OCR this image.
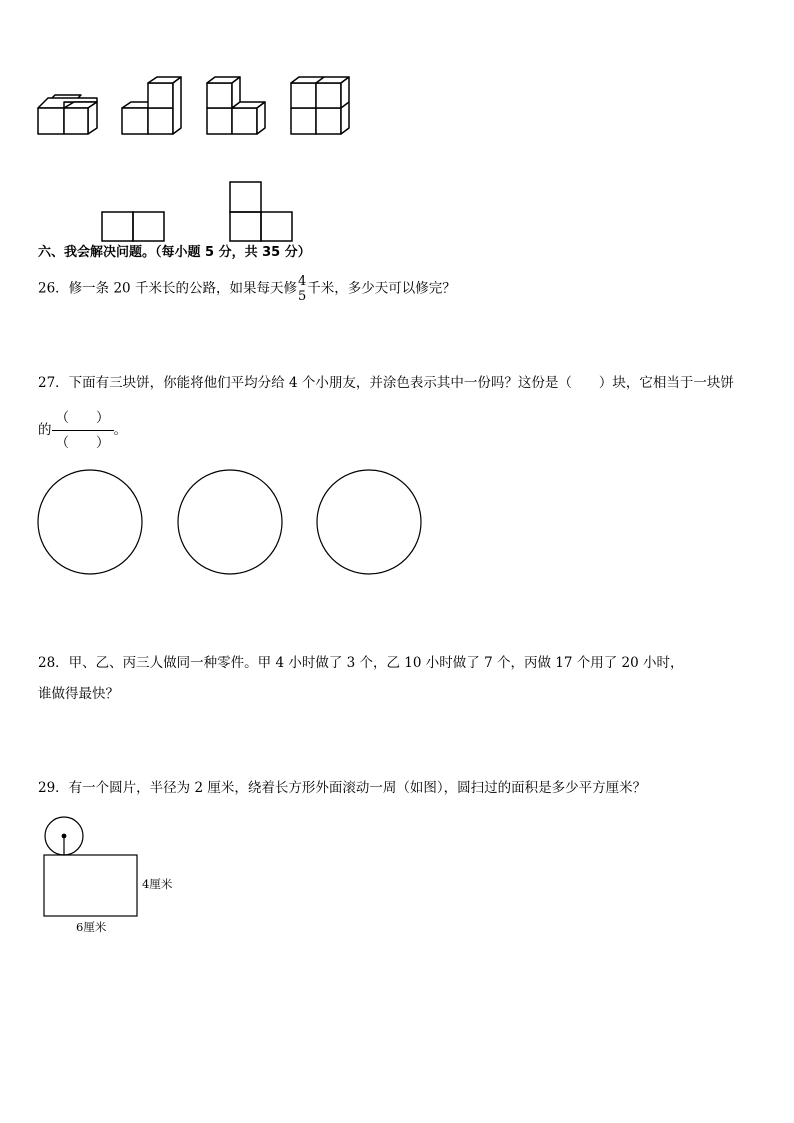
六、我会解决问题。（每小题 5 分，共 35 分）
26．修一条 20 千米长的公路，如果每天修 4
5 千米，多少天可以修完？
27．下面有三块饼，你能将他们平均分给 4 个小朋友，并涂色表示其中一份吗？这份是（　　）块，它相当于一块饼
的 $\frac{( )}{( )}$ 。
28．甲、乙、丙三人做同一种零件。甲 4 小时做了 3 个，乙 10 小时做了 7 个，丙做 17 个用了 20 小时，
谁做得最快？
29．有一个圆片，半径为 2 厘米，绕着长方形外面滚动一周（如图），圆扫过的面积是多少平方厘米？
4厘米
6厘米
